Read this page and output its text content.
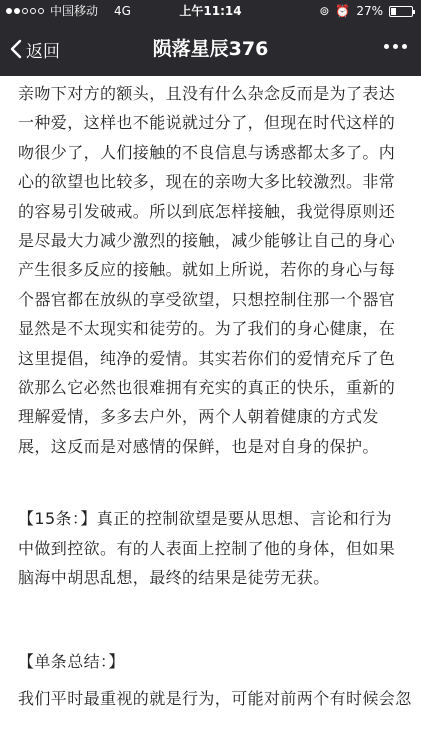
中国移动 4G	上午11:14	⊚ ⏰ 27%
返回	陨落星辰376

亲吻下对方的额头，且没有什么杂念反而是为了表达一种爱，这样也不能说就过分了，但现在时代这样的吻很少了，人们接触的不良信息与诱惑都太多了。内心的欲望也比较多，现在的亲吻大多比较激烈。非常的容易引发破戒。所以到底怎样接触，我觉得原则还是尽最大力减少激烈的接触，减少能够让自己的身心产生很多反应的接触。就如上所说，若你的身心与每个器官都在放纵的享受欲望，只想控制住那一个器官显然是不太现实和徒劳的。为了我们的身心健康，在这里提倡，纯净的爱情。其实若你们的爱情充斥了色欲那么它必然也很难拥有充实的真正的快乐，重新的理解爱情，多多去户外，两个人朝着健康的方式发展，这反而是对感情的保鲜，也是对自身的保护。

【15条：】真正的控制欲望是要从思想、言论和行为中做到控欲。有的人表面上控制了他的身体，但如果脑海中胡思乱想，最终的结果是徒劳无获。

【单条总结：】

我们平时最重视的就是行为，可能对前两个有时候会忽
